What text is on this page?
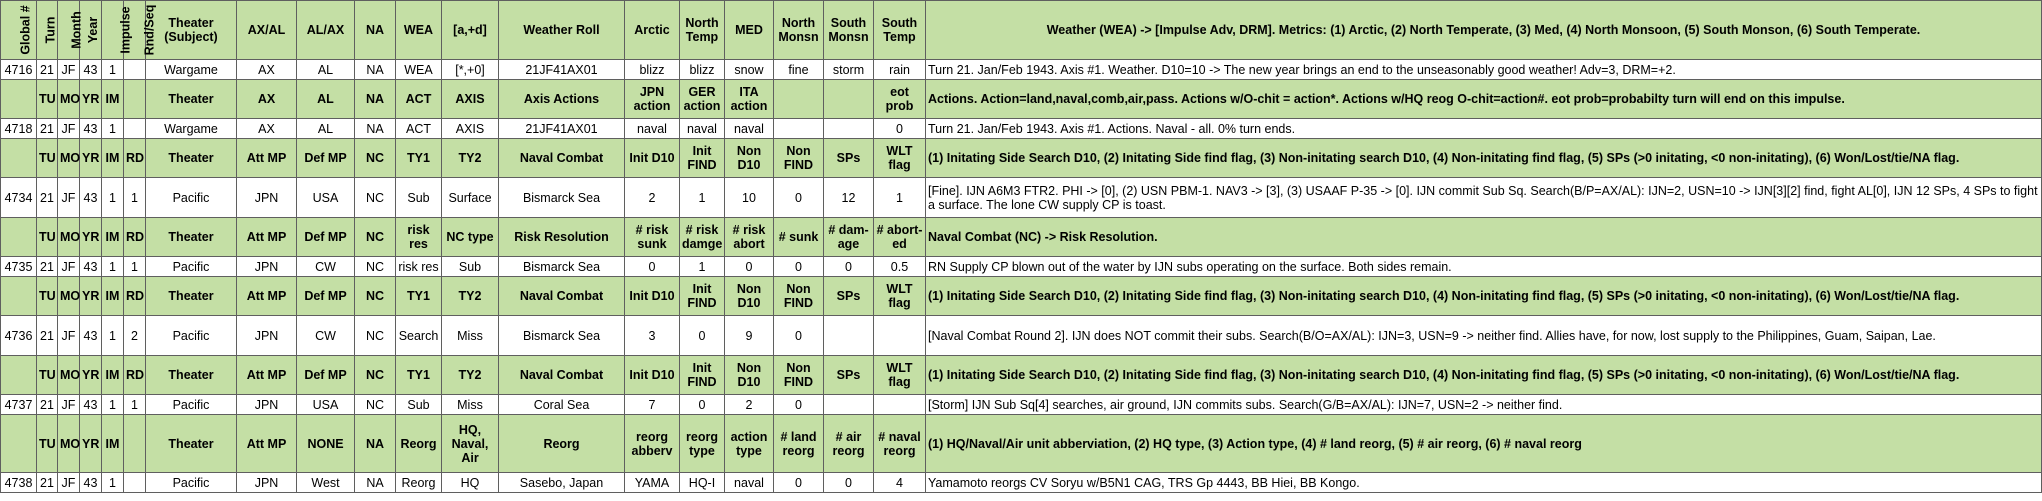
Global #	Turn	Month	Year	Impulse	Rnd/Seq	Theater (Subject)	AX/AL	AL/AX	NA	WEA	[a,+d]	Weather Roll	Arctic	North Temp	MED	North Monsn	South Monsn	South Temp	Weather (WEA) -> [Impulse Adv, DRM]. Metrics: (1) Arctic, (2) North Temperate, (3) Med, (4) North Monsoon, (5) South Monson, (6) South Temperate.
4716	21	JF	43	1		Wargame	AX	AL	NA	WEA	[*,+0]	21JF41AX01	blizz	blizz	snow	fine	storm	rain	Turn 21. Jan/Feb 1943. Axis #1. Weather. D10=10 -> The new year brings an end to the unseasonably good weather! Adv=3, DRM=+2.
	TU	MO	YR	IM		Theater	AX	AL	NA	ACT	AXIS	Axis Actions	JPN action	GER action	ITA action			eot prob	Actions. Action=land,naval,comb,air,pass. Actions w/O-chit = action*. Actions w/HQ reog O-chit=action#. eot prob=probabilty turn will end on this impulse.
4718	21	JF	43	1		Wargame	AX	AL	NA	ACT	AXIS	21JF41AX01	naval	naval	naval			0	Turn 21. Jan/Feb 1943. Axis #1. Actions. Naval - all. 0% turn ends.
	TU	MO	YR	IM	RD	Theater	Att MP	Def MP	NC	TY1	TY2	Naval Combat	Init D10	Init FIND	Non D10	Non FIND	SPs	WLT flag	(1) Initating Side Search D10, (2) Initating Side find flag, (3) Non-initating search D10, (4) Non-initating find flag, (5) SPs (>0 initating, <0 non-initating), (6) Won/Lost/tie/NA flag.
4734	21	JF	43	1	1	Pacific	JPN	USA	NC	Sub	Surface	Bismarck Sea	2	1	10	0	12	1	[Fine]. IJN A6M3 FTR2. PHI -> [0], (2) USN PBM-1. NAV3 -> [3], (3) USAAF P-35 -> [0]. IJN commit Sub Sq. Search(B/P=AX/AL): IJN=2, USN=10 -> IJN[3][2] find, fight AL[0], IJN 12 SPs, 4 SPs to fight a surface. The lone CW supply CP is toast.
	TU	MO	YR	IM	RD	Theater	Att MP	Def MP	NC	risk res	NC type	Risk Resolution	# risk sunk	# risk damge	# risk abort	# sunk	# dam-age	# abort-ed	Naval Combat (NC) -> Risk Resolution.
4735	21	JF	43	1	1	Pacific	JPN	CW	NC	risk res	Sub	Bismarck Sea	0	1	0	0	0	0.5	RN Supply CP blown out of the water by IJN subs operating on the surface. Both sides remain.
	TU	MO	YR	IM	RD	Theater	Att MP	Def MP	NC	TY1	TY2	Naval Combat	Init D10	Init FIND	Non D10	Non FIND	SPs	WLT flag	(1) Initating Side Search D10, (2) Initating Side find flag, (3) Non-initating search D10, (4) Non-initating find flag, (5) SPs (>0 initating, <0 non-initating), (6) Won/Lost/tie/NA flag.
4736	21	JF	43	1	2	Pacific	JPN	CW	NC	Search	Miss	Bismarck Sea	3	0	9	0			[Naval Combat Round 2]. IJN does NOT commit their subs. Search(B/O=AX/AL): IJN=3, USN=9 -> neither find. Allies have, for now, lost supply to the Philippines, Guam, Saipan, Lae.
	TU	MO	YR	IM	RD	Theater	Att MP	Def MP	NC	TY1	TY2	Naval Combat	Init D10	Init FIND	Non D10	Non FIND	SPs	WLT flag	(1) Initating Side Search D10, (2) Initating Side find flag, (3) Non-initating search D10, (4) Non-initating find flag, (5) SPs (>0 initating, <0 non-initating), (6) Won/Lost/tie/NA flag.
4737	21	JF	43	1	1	Pacific	JPN	USA	NC	Sub	Miss	Coral Sea	7	0	2	0			[Storm] IJN Sub Sq[4] searches, air ground, IJN commits subs. Search(G/B=AX/AL): IJN=7, USN=2 -> neither find.
	TU	MO	YR	IM		Theater	Att MP	NONE	NA	Reorg	HQ, Naval, Air	Reorg	reorg abberv	reorg type	action type	# land reorg	# air reorg	# naval reorg	(1) HQ/Naval/Air unit abberviation, (2) HQ type, (3) Action type, (4) # land reorg, (5) # air reorg, (6) # naval reorg
4738	21	JF	43	1		Pacific	JPN	West	NA	Reorg	HQ	Sasebo, Japan	YAMA	HQ-I	naval	0	0	4	Yamamoto reorgs CV Soryu w/B5N1 CAG, TRS Gp 4443, BB Hiei, BB Kongo.
